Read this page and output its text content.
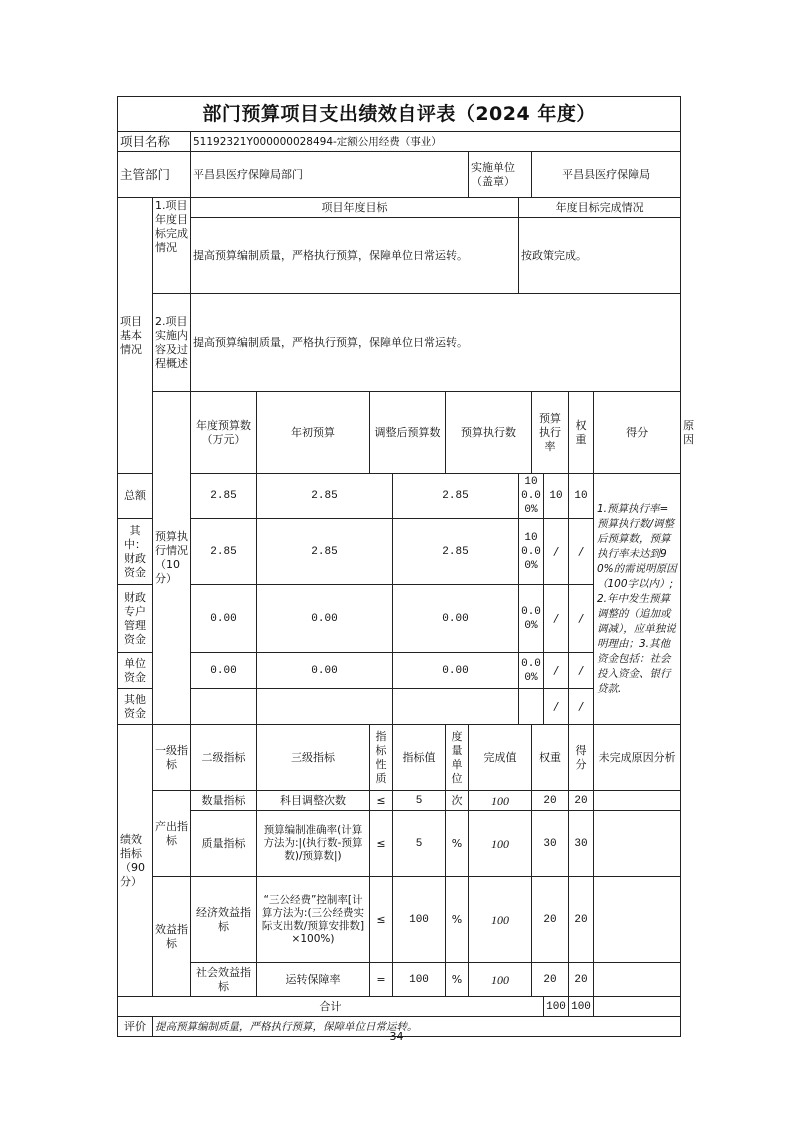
部门预算项目支出绩效自评表（2024 年度）													
项目名称		51192321Y000000028494-定额公用经费（事业）											
主管部门		平昌县医疗保障局部门					实施单位（盖章）		平昌县医疗保障局				
项目基本情况	1.项目年度目标完成情况	项目年度目标						年度目标完成情况					
		提高预算编制质量，严格执行预算，保障单位日常运转。						按政策完成。					
	2.项目实施内容及过程概述	提高预算编制质量，严格执行预算，保障单位日常运转。											
	预算执行情况（10分）	年度预算数（万元）	年初预算	调整后预算数		预算执行数			预算执行率		权重	得分	原因
总额		2.85	2.85		2.85			100.00%		10	10	1.预算执行率=预算执行数/调整后预算数，预算执行率未达到90%的需说明原因（100字以内）;2.年中发生预算调整的（追加或调减），应单独说明理由；3.其他资金包括：社会投入资金、银行贷款.	
其中：财政资金		2.85	2.85		2.85			100.00%		/	/		
财政专户管理资金		0.00	0.00		0.00			0.00%		/	/		
单位资金		0.00	0.00		0.00			0.00%		/	/		
其他资金										/	/		
绩效指标（90分）	一级指标	二级指标	三级指标	指标性质	指标值	度量单位	完成值		权重		得分	未完成原因分析	
	产出指标	数量指标	科目调整次数	≤	5	次	100		20		20		
		质量指标	预算编制准确率(计算方法为:|(执行数-预算数)/预算数|)	≤	5	%	100		30		30		
	效益指标	经济效益指标	“三公经费”控制率[计算方法为:(三公经费实际支出数/预算安排数]×100%)	≤	100	%	100		20		20		
		社会效益指标	运转保障率	=	100	%	100		20		20		
合计										100	100		
评价	提高预算编制质量，严格执行预算，保障单位日常运转。												
34
